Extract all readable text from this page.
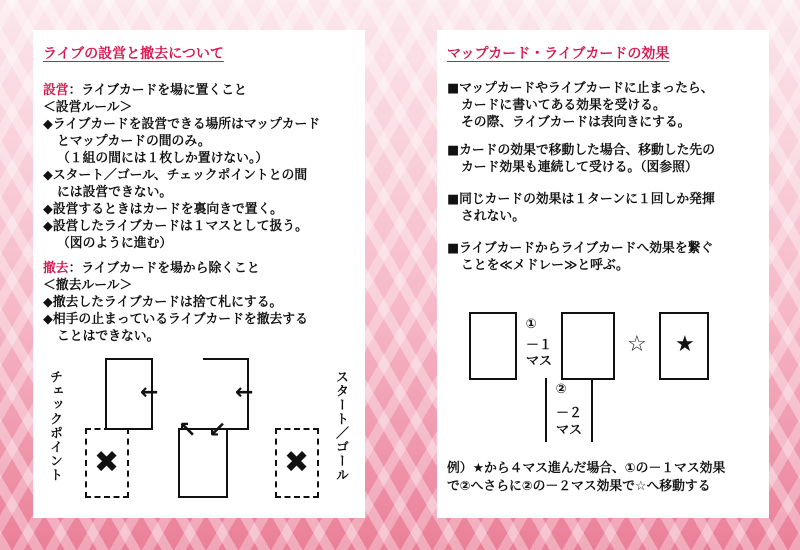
ライブの設営と撤去について

設営：ライブカードを場に置くこと

＜設営ルール＞

◆ライブカードを設営できる場所はマップカード

とマップカードの間のみ。

（１組の間には１枚しか置けない。）

◆スタート／ゴール、チェックポイントとの間

には設営できない。

◆設営するときはカードを裏向きで置く。

◆設営したライブカードは１マスとして扱う。

（図のように進む）

撤去：ライブカードを場から除くこと

＜撤去ルール＞

◆撤去したライブカードは捨て札にする。

◆相手の止まっているライブカードを撤去する

ことはできない。

チェックポイント	スタート／ゴール

←	←
↖ ↙
✖	✖

マップカード・ライブカードの効果

■マップカードやライブカードに止まったら、

カードに書いてある効果を受ける。

その際、ライブカードは表向きにする。

■カードの効果で移動した場合、移動した先の

カード効果も連続して受ける。（図参照）

■同じカードの効果は１ターンに１回しか発揮

されない。

■ライブカードからライブカードへ効果を繋ぐ

ことを≪メドレー≫と呼ぶ。

①

－１

マス

☆ ★

②

－２

マス

例）★から４マス進んだ場合、①の－１マス効果

で②へさらに②の－２マス効果で☆へ移動する
